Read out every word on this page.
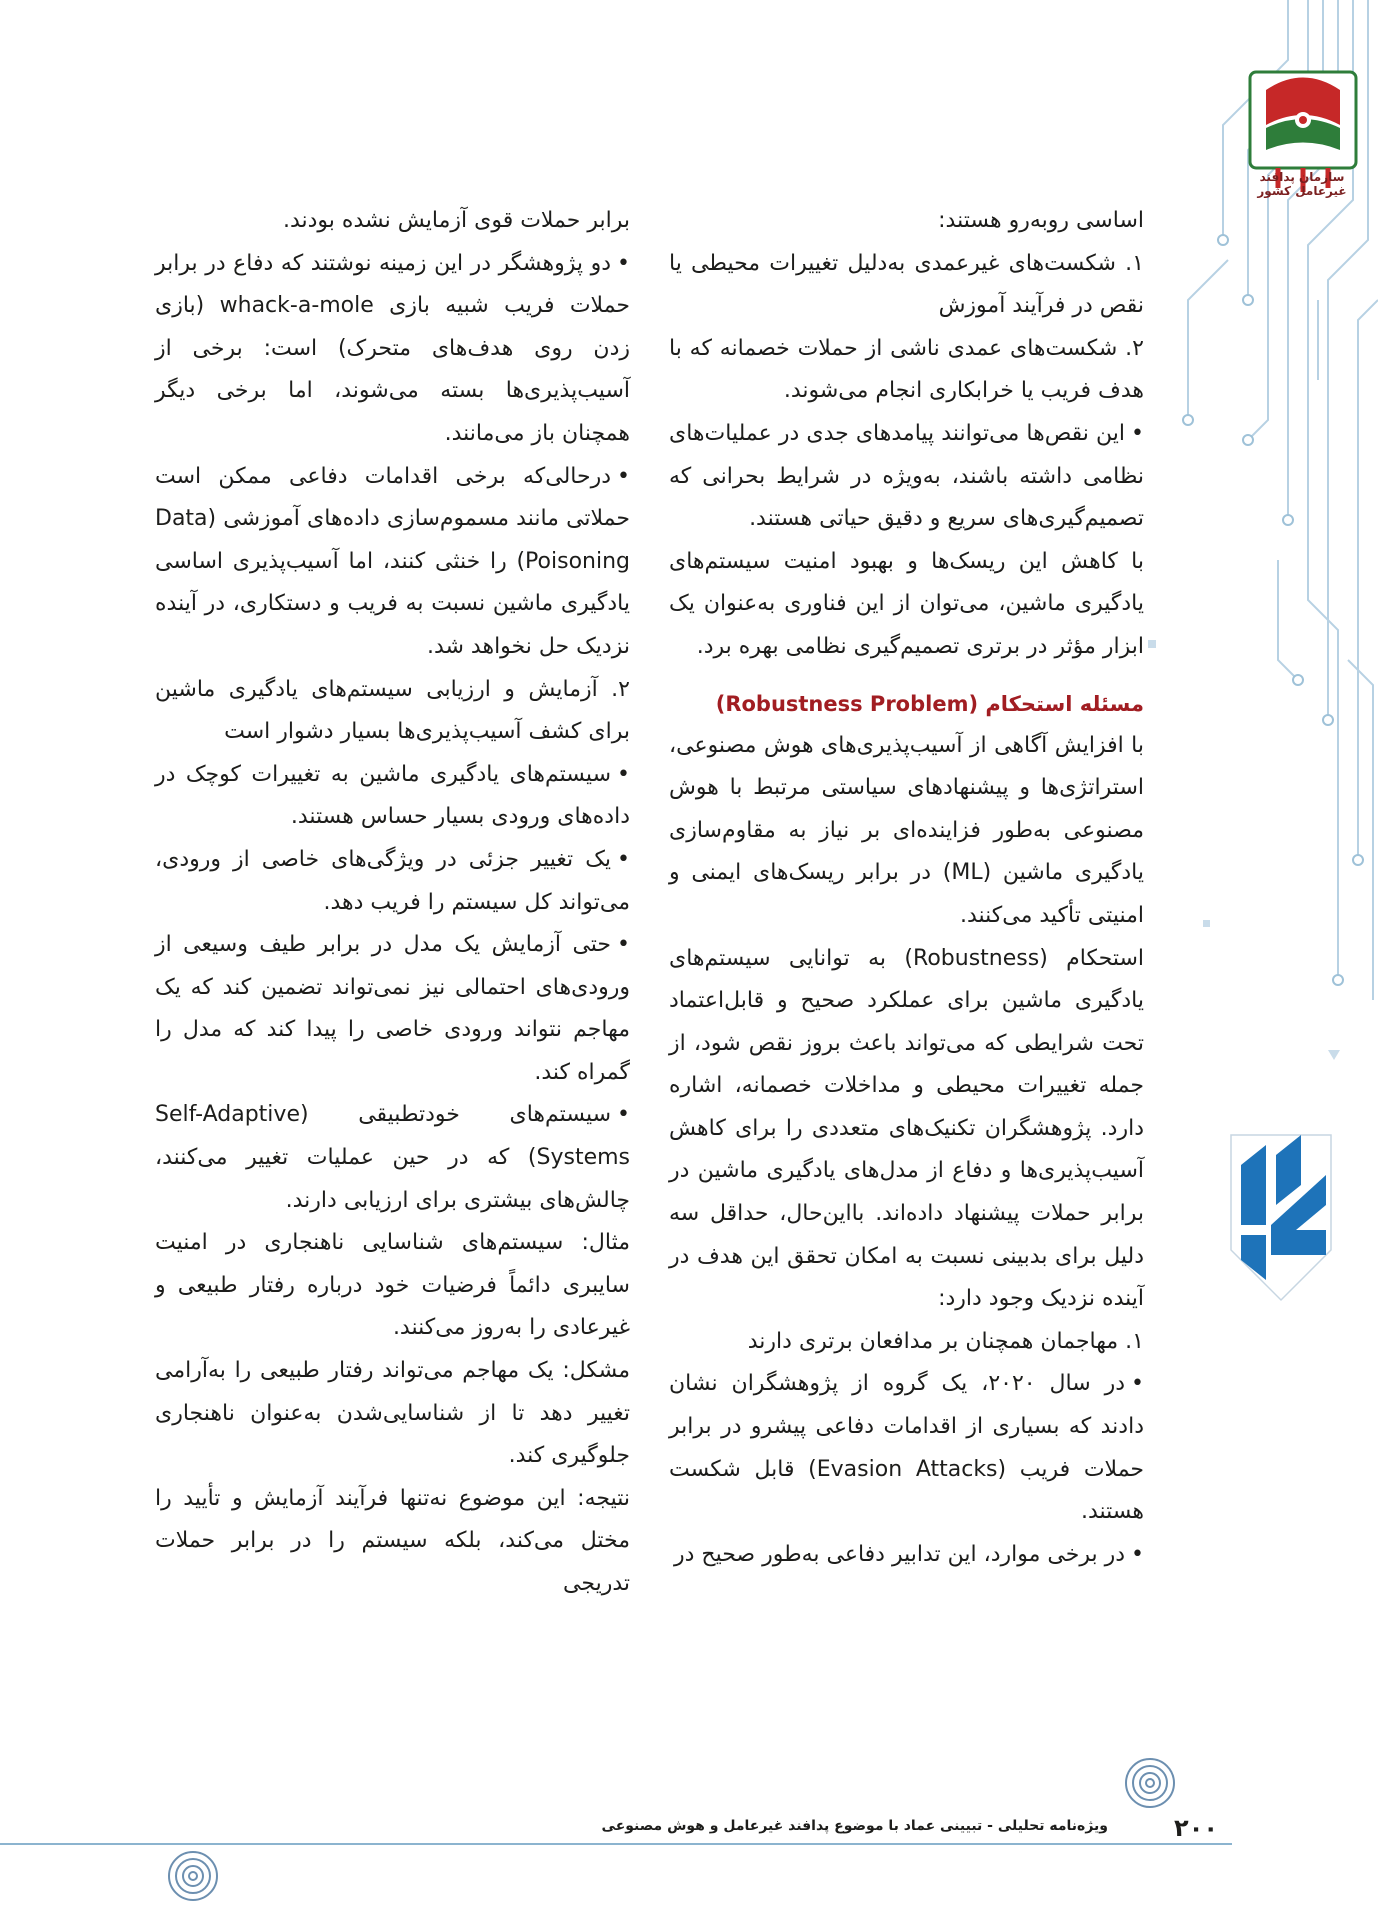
سازمان پدافند غیرعامل کشور

اساسی روبه‌رو هستند:

۱. شکست‌های غیرعمدی به‌دلیل تغییرات محیطی یا نقص در فرآیند آموزش

۲. شکست‌های عمدی ناشی از حملات خصمانه که با هدف فریب یا خرابکاری انجام می‌شوند.

• این نقص‌ها می‌توانند پیامدهای جدی در عملیات‌های نظامی داشته باشند، به‌ویژه در شرایط بحرانی که تصمیم‌گیری‌های سریع و دقیق حیاتی هستند.

با کاهش این ریسک‌ها و بهبود امنیت سیستم‌های یادگیری ماشین، می‌توان از این فناوری به‌عنوان یک ابزار مؤثر در برتری تصمیم‌گیری نظامی بهره برد.

مسئله استحکام (Robustness Problem)

با افزایش آگاهی از آسیب‌پذیری‌های هوش مصنوعی، استراتژی‌ها و پیشنهادهای سیاستی مرتبط با هوش مصنوعی به‌طور فزاینده‌ای بر نیاز به مقاوم‌سازی یادگیری ماشین (ML) در برابر ریسک‌های ایمنی و امنیتی تأکید می‌کنند.

استحکام (Robustness) به توانایی سیستم‌های یادگیری ماشین برای عملکرد صحیح و قابل‌اعتماد تحت شرایطی که می‌تواند باعث بروز نقص شود، از جمله تغییرات محیطی و مداخلات خصمانه، اشاره دارد. پژوهشگران تکنیک‌های متعددی را برای کاهش آسیب‌پذیری‌ها و دفاع از مدل‌های یادگیری ماشین در برابر حملات پیشنهاد داده‌اند. بااین‌حال، حداقل سه دلیل برای بدبینی نسبت به امکان تحقق این هدف در آینده نزدیک وجود دارد:

۱. مهاجمان همچنان بر مدافعان برتری دارند

• در سال ۲۰۲۰، یک گروه از پژوهشگران نشان دادند که بسیاری از اقدامات دفاعی پیشرو در برابر حملات فریب (Evasion Attacks) قابل شکست هستند.

• در برخی موارد، این تدابیر دفاعی به‌طور صحیح در

برابر حملات قوی آزمایش نشده بودند.

• دو پژوهشگر در این زمینه نوشتند که دفاع در برابر حملات فریب شبیه بازی whack-a-mole (بازی زدن روی هدف‌های متحرک) است: برخی از آسیب‌پذیری‌ها بسته می‌شوند، اما برخی دیگر همچنان باز می‌مانند.

• درحالی‌که برخی اقدامات دفاعی ممکن است حملاتی مانند مسموم‌سازی داده‌های آموزشی (Data Poisoning) را خنثی کنند، اما آسیب‌پذیری اساسی یادگیری ماشین نسبت به فریب و دستکاری، در آینده نزدیک حل نخواهد شد.

۲. آزمایش و ارزیابی سیستم‌های یادگیری ماشین برای کشف آسیب‌پذیری‌ها بسیار دشوار است

• سیستم‌های یادگیری ماشین به تغییرات کوچک در داده‌های ورودی بسیار حساس هستند.

• یک تغییر جزئی در ویژگی‌های خاصی از ورودی، می‌تواند کل سیستم را فریب دهد.

• حتی آزمایش یک مدل در برابر طیف وسیعی از ورودی‌های احتمالی نیز نمی‌تواند تضمین کند که یک مهاجم نتواند ورودی خاصی را پیدا کند که مدل را گمراه کند.

• سیستم‌های خودتطبیقی (Self-Adaptive Systems) که در حین عملیات تغییر می‌کنند، چالش‌های بیشتری برای ارزیابی دارند.

مثال: سیستم‌های شناسایی ناهنجاری در امنیت سایبری دائماً فرضیات خود درباره رفتار طبیعی و غیرعادی را به‌روز می‌کنند.

مشکل: یک مهاجم می‌تواند رفتار طبیعی را به‌آرامی تغییر دهد تا از شناسایی‌شدن به‌عنوان ناهنجاری جلوگیری کند.

نتیجه: این موضوع نه‌تنها فرآیند آزمایش و تأیید را مختل می‌کند، بلکه سیستم را در برابر حملات تدریجی

۲۰۰
ویژه‌نامه تحلیلی - تبیینی عماد با موضوع پدافند غیرعامل و هوش مصنوعی
